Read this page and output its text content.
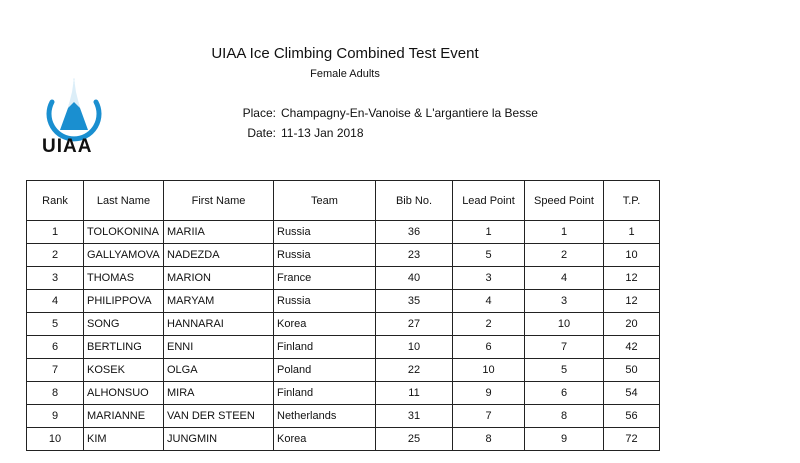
UIAA Ice Climbing Combined Test Event
Female Adults
UIAA
Place: Champagny-En-Vanoise & L'argantiere la Besse
Date: 11-13 Jan 2018
Rank	Last Name	First Name	Team	Bib No.	Lead Point	Speed Point	T.P.
1	TOLOKONINA	MARIIA	Russia	36	1	1	1
2	GALLYAMOVA	NADEZDA	Russia	23	5	2	10
3	THOMAS	MARION	France	40	3	4	12
4	PHILIPPOVA	MARYAM	Russia	35	4	3	12
5	SONG	HANNARAI	Korea	27	2	10	20
6	BERTLING	ENNI	Finland	10	6	7	42
7	KOSEK	OLGA	Poland	22	10	5	50
8	ALHONSUO	MIRA	Finland	11	9	6	54
9	MARIANNE	VAN DER STEEN	Netherlands	31	7	8	56
10	KIM	JUNGMIN	Korea	25	8	9	72
